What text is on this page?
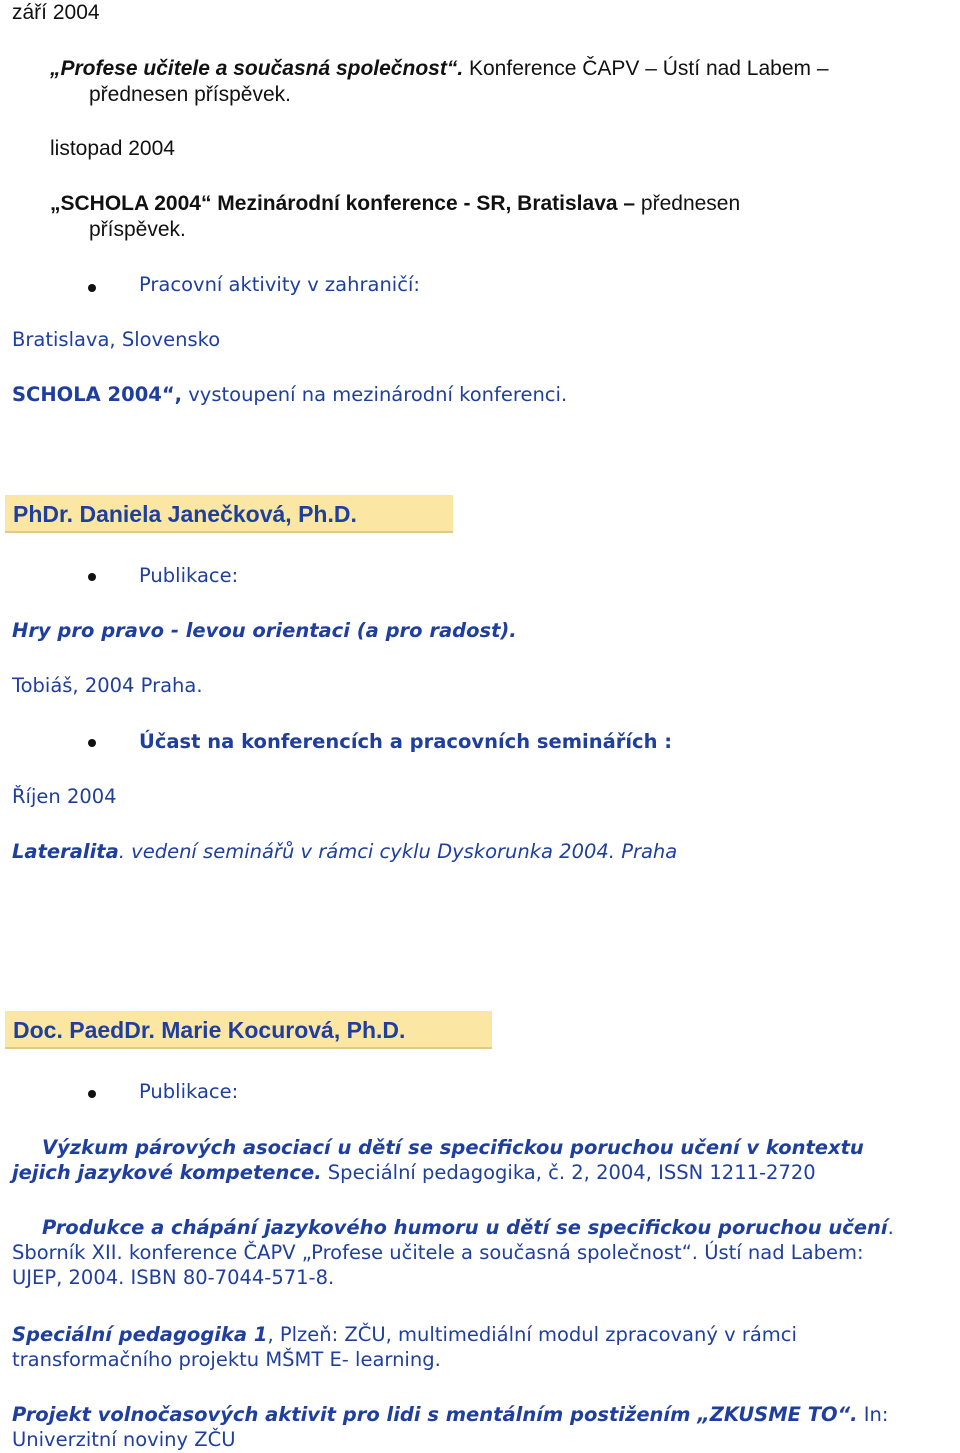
září 2004
„Profese učitele a současná společnost“. Konference ČAPV – Ústí nad Labem –
přednesen příspěvek.
listopad 2004
„SCHOLA 2004“ Mezinárodní konference - SR, Bratislava – přednesen
příspěvek.
Pracovní aktivity v zahraničí:
Bratislava, Slovensko
SCHOLA 2004“, vystoupení na mezinárodní konferenci.
PhDr. Daniela Janečková, Ph.D.
Publikace:
Hry pro pravo - levou orientaci (a pro radost).
Tobiáš, 2004 Praha.
Účast na konferencích a pracovních seminářích :
Říjen 2004
Lateralita. vedení seminářů v rámci cyklu Dyskorunka 2004. Praha
Doc. PaedDr. Marie Kocurová, Ph.D.
Publikace:
Výzkum párových asociací u dětí se specifickou poruchou učení v kontextu
jejich jazykové kompetence. Speciální pedagogika, č. 2, 2004, ISSN 1211-2720
Produkce a chápání jazykového humoru u dětí se specifickou poruchou učení.
Sborník XII. konference ČAPV „Profese učitele a současná společnost“. Ústí nad Labem:
UJEP, 2004. ISBN 80-7044-571-8.
Speciální pedagogika 1, Plzeň: ZČU, multimediální modul zpracovaný v rámci
transformačního projektu MŠMT E- learning.
Projekt volnočasových aktivit pro lidi s mentálním postižením „ZKUSME TO“. In:
Univerzitní noviny ZČU
